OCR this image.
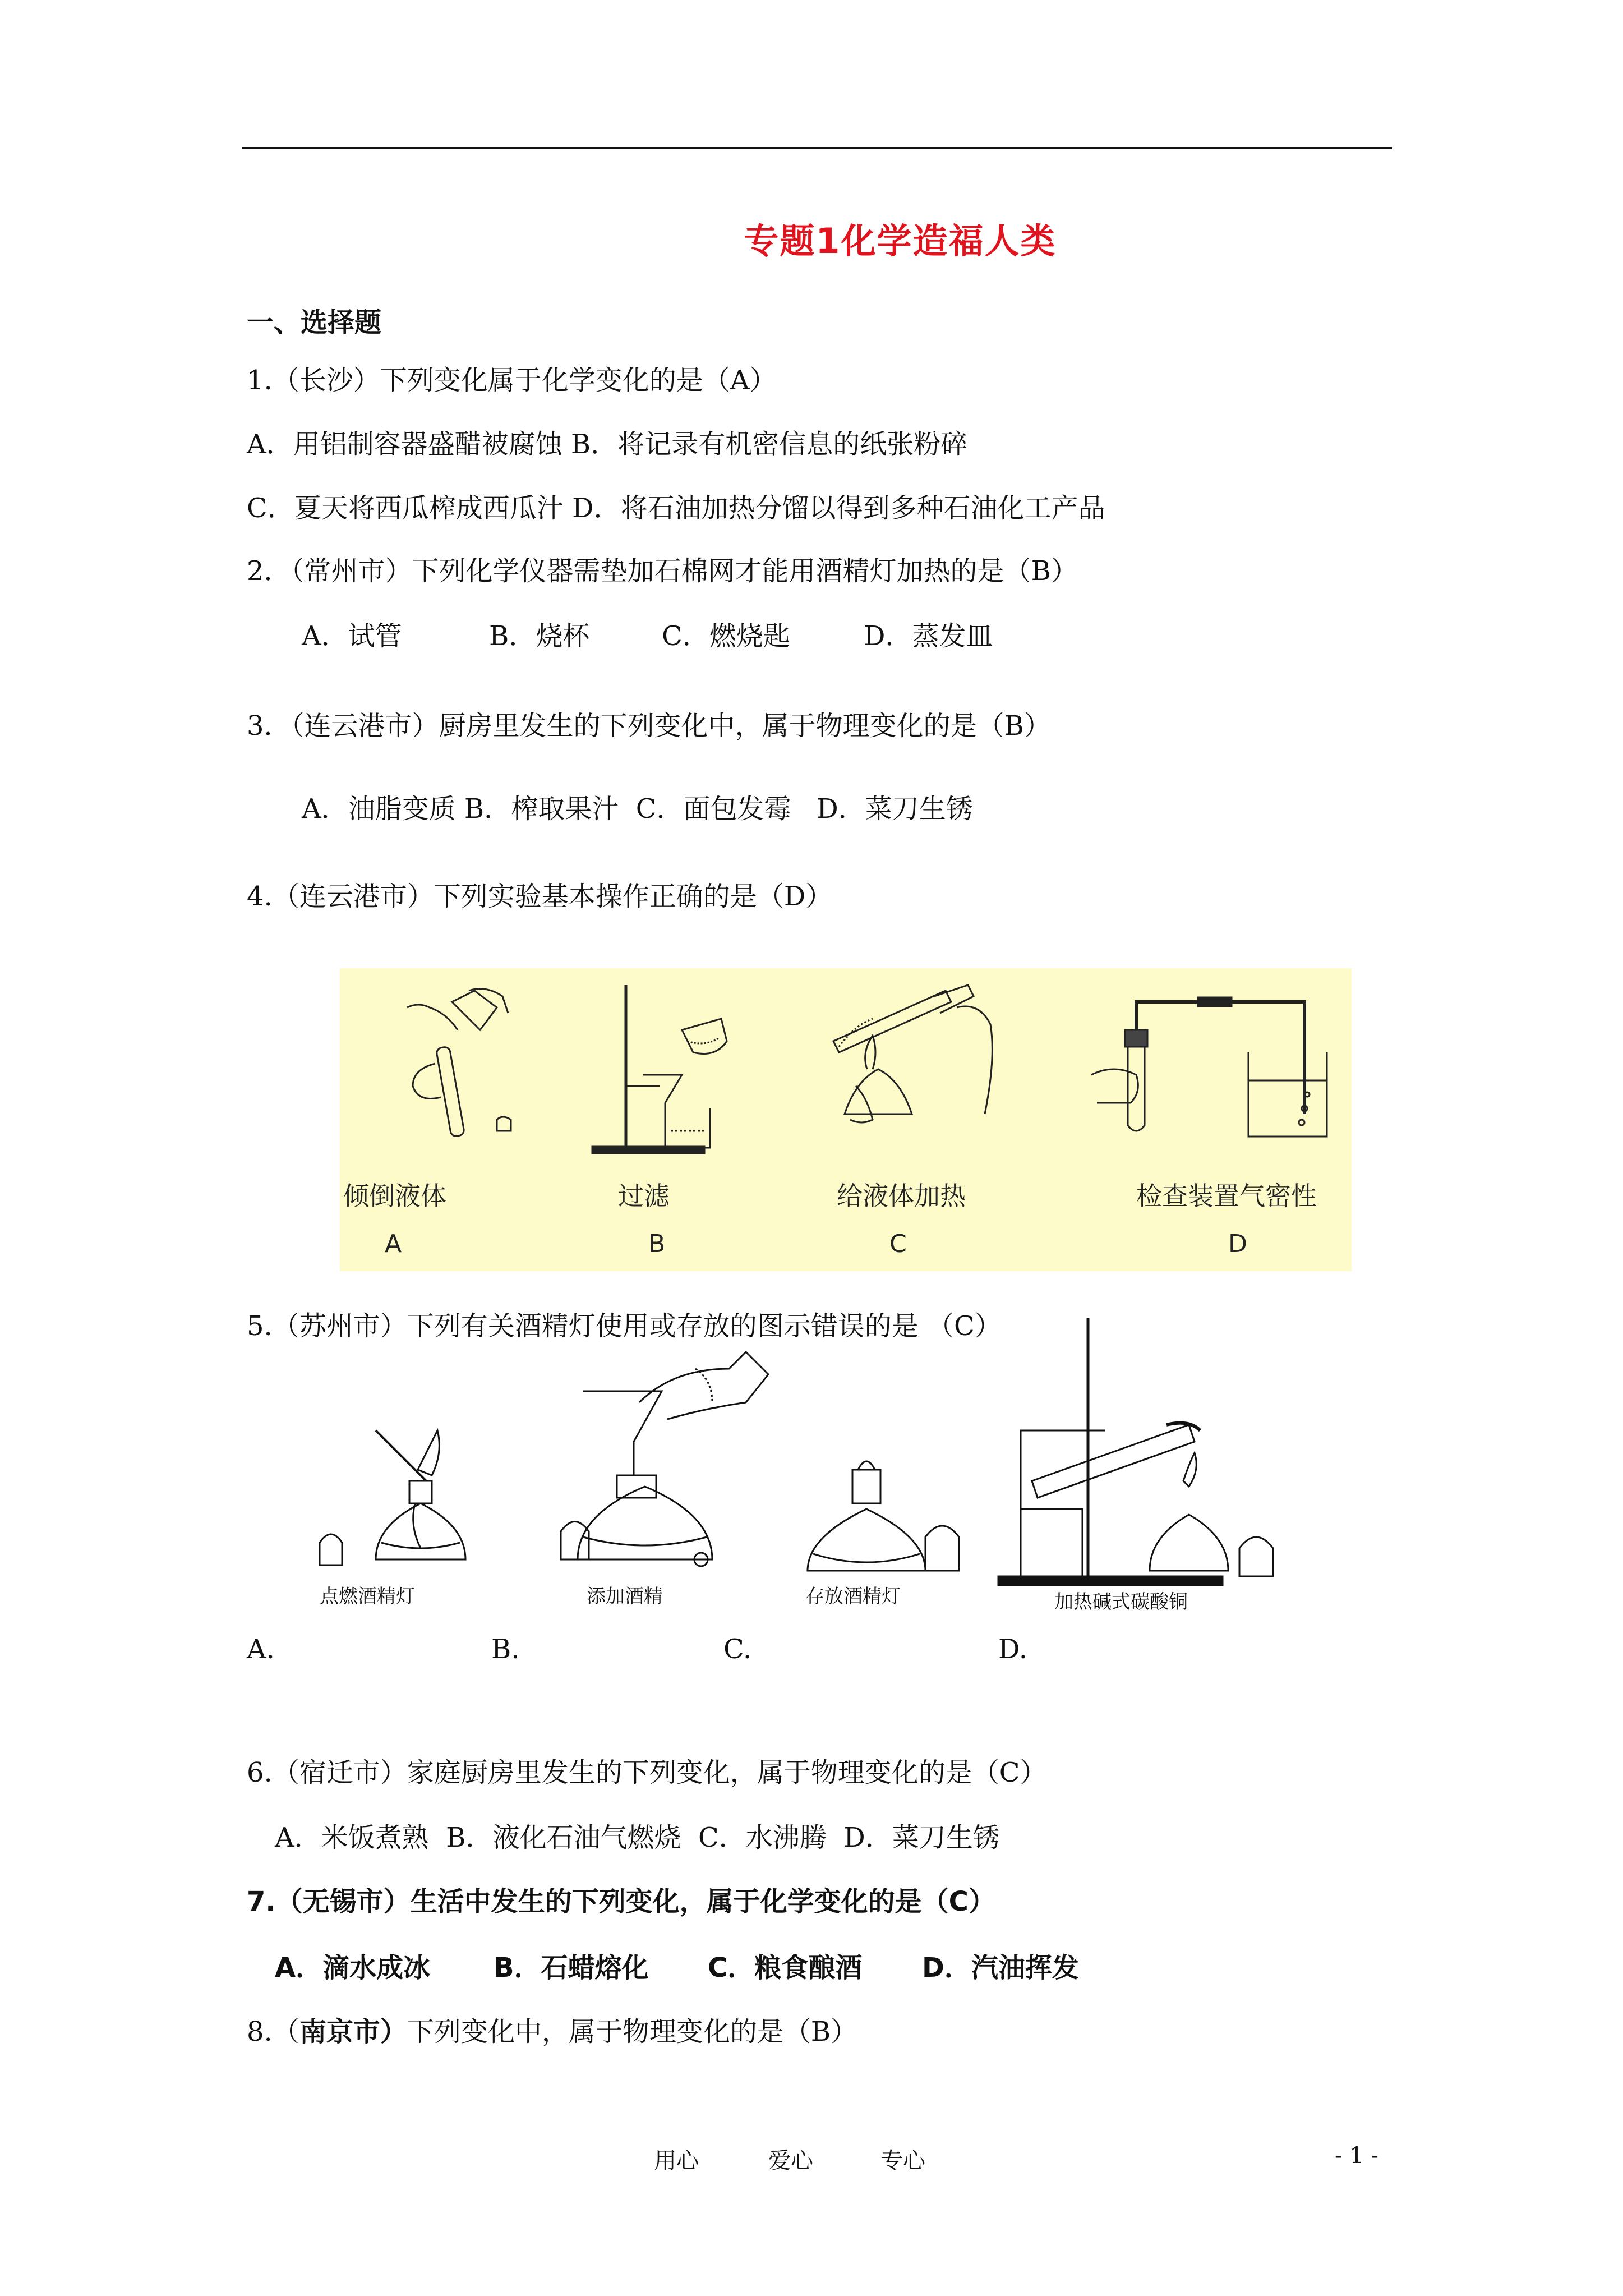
专题1化学造福人类
一、选择题
1.（长沙）下列变化属于化学变化的是（A）
A．用铝制容器盛醋被腐蚀 B．将记录有机密信息的纸张粉碎
C．夏天将西瓜榨成西瓜汁 D．将石油加热分馏以得到多种石油化工产品
2．（常州市）下列化学仪器需垫加石棉网才能用酒精灯加热的是（B）
A．试管	B．烧杯	C．燃烧匙	D．蒸发皿
3．（连云港市）厨房里发生的下列变化中，属于物理变化的是（B）
A．油脂变质 B．榨取果汁  C．面包发霉   D．菜刀生锈
4.（连云港市）下列实验基本操作正确的是（D）
倾倒液体	过滤	给液体加热	检查装置气密性
A	B	C	D
5.（苏州市）下列有关酒精灯使用或存放的图示错误的是 （C）
点燃酒精灯	添加酒精	存放酒精灯	加热碱式碳酸铜
A.	B.	C.	D.
6.（宿迁市）家庭厨房里发生的下列变化，属于物理变化的是（C）
A．米饭煮熟  B．液化石油气燃烧  C．水沸腾  D．菜刀生锈
7.（无锡市）生活中发生的下列变化，属于化学变化的是（C）
A．滴水成冰 B．石蜡熔化 C．粮食酿酒 D．汽油挥发
8.（南京市）下列变化中，属于物理变化的是（B）
用心	爱心	专心	- 1 -
